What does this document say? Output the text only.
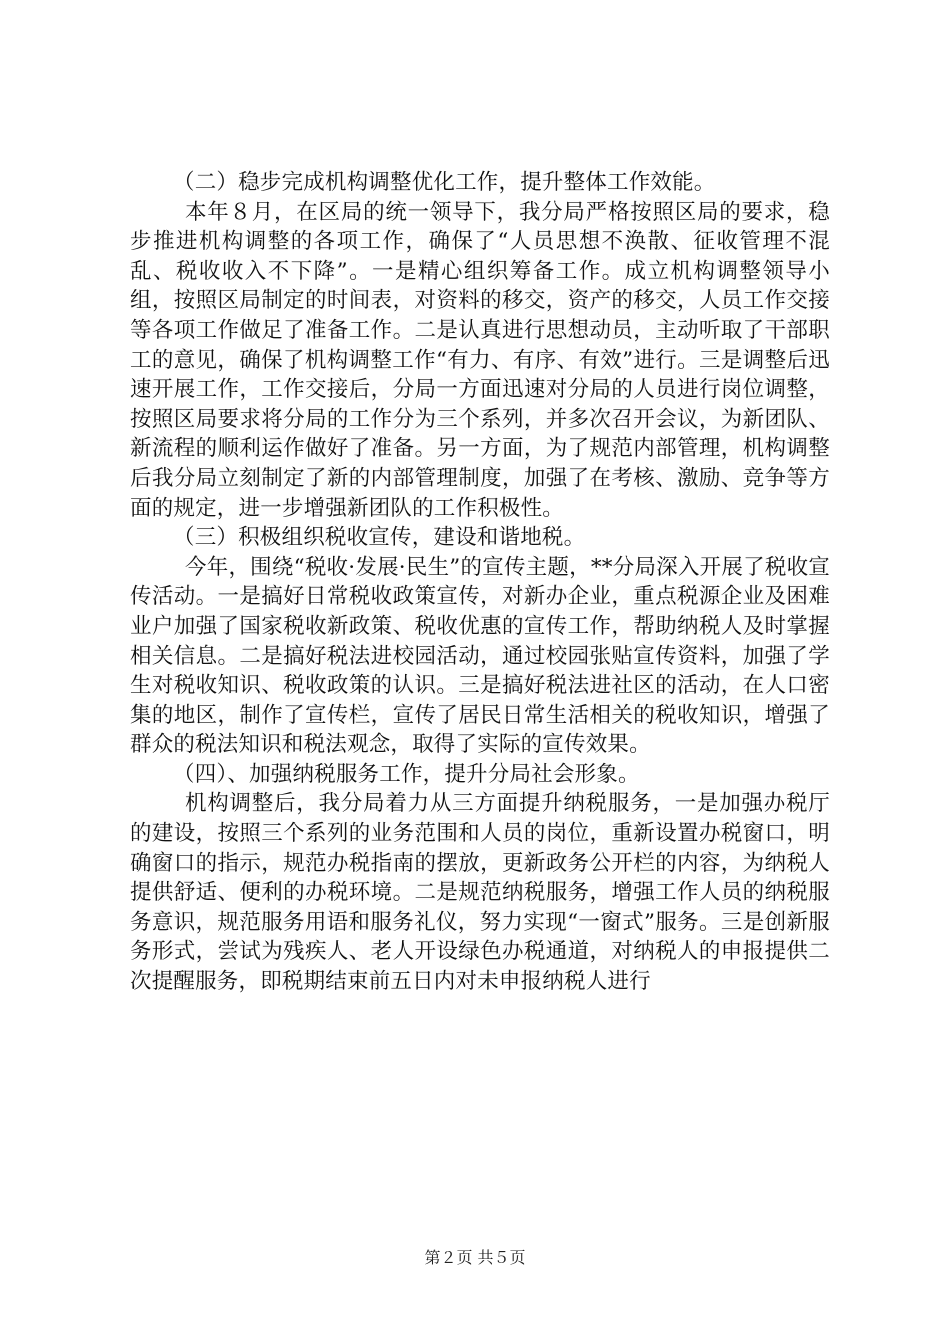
（二）稳步完成机构调整优化工作，提升整体工作效能。

本年８月，在区局的统一领导下，我分局严格按照区局的要求，稳步推进机构调整的各项工作，确保了“人员思想不涣散、征收管理不混乱、税收收入不下降”。一是精心组织筹备工作。成立机构调整领导小组，按照区局制定的时间表，对资料的移交，资产的移交，人员工作交接等各项工作做足了准备工作。二是认真进行思想动员，主动听取了干部职工的意见，确保了机构调整工作“有力、有序、有效”进行。三是调整后迅速开展工作，工作交接后，分局一方面迅速对分局的人员进行岗位调整，按照区局要求将分局的工作分为三个系列，并多次召开会议，为新团队、新流程的顺利运作做好了准备。另一方面，为了规范内部管理，机构调整后我分局立刻制定了新的内部管理制度，加强了在考核、激励、竞争等方面的规定，进一步增强新团队的工作积极性。

（三）积极组织税收宣传，建设和谐地税。

今年，围绕“税收·发展·民生”的宣传主题，**分局深入开展了税收宣传活动。一是搞好日常税收政策宣传，对新办企业，重点税源企业及困难业户加强了国家税收新政策、税收优惠的宣传工作，帮助纳税人及时掌握相关信息。二是搞好税法进校园活动，通过校园张贴宣传资料，加强了学生对税收知识、税收政策的认识。三是搞好税法进社区的活动，在人口密集的地区，制作了宣传栏，宣传了居民日常生活相关的税收知识，增强了群众的税法知识和税法观念，取得了实际的宣传效果。

（四）、加强纳税服务工作，提升分局社会形象。

机构调整后，我分局着力从三方面提升纳税服务，一是加强办税厅的建设，按照三个系列的业务范围和人员的岗位，重新设置办税窗口，明确窗口的指示，规范办税指南的摆放，更新政务公开栏的内容，为纳税人提供舒适、便利的办税环境。二是规范纳税服务，增强工作人员的纳税服务意识，规范服务用语和服务礼仪，努力实现“一窗式”服务。三是创新服务形式，尝试为残疾人、老人开设绿色办税通道，对纳税人的申报提供二次提醒服务，即税期结束前五日内对未申报纳税人进行

第２页 共５页
